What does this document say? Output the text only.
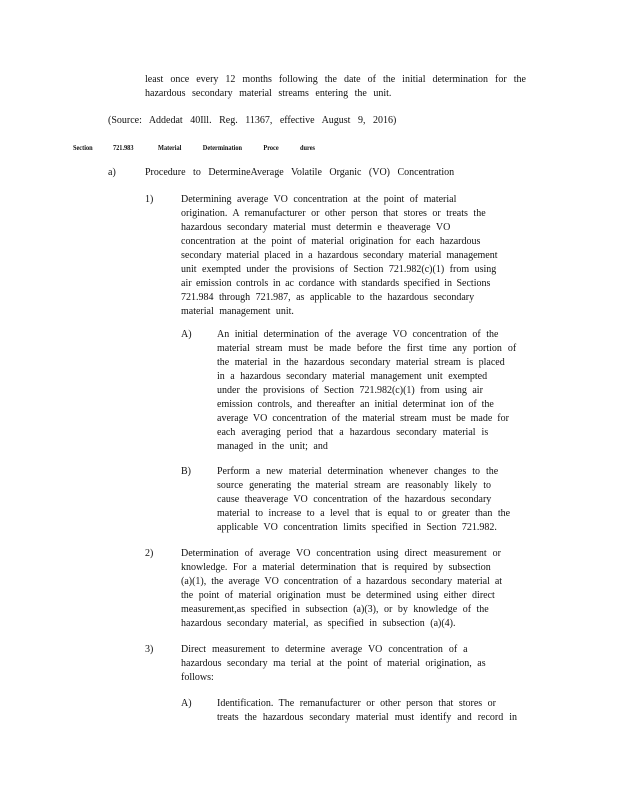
least once every 12 months following the date of the initial determination for the
hazardous secondary material streams entering the unit.
(Source: Addedat 40Ill. Reg. 11367, effective August 9, 2016)
Section	721.983	Material Determination Proce dures
a)	Procedure to DetermineAverage Volatile Organic (VO) Concentration
1)	Determining average VO concentration at the point of material
origination. A remanufacturer or other person that stores or treats the
hazardous secondary material must determin e theaverage VO
concentration at the point of material origination for each hazardous
secondary material placed in a hazardous secondary material management
unit exempted under the provisions of Section 721.982(c)(1) from using
air emission controls in ac cordance with standards specified in Sections
721.984 through 721.987, as applicable to the hazardous secondary
material management unit.
A)	An initial determination of the average VO concentration of the
material stream must be made before the first time any portion of
the material in the hazardous secondary material stream is placed
in a hazardous secondary material management unit exempted
under the provisions of Section 721.982(c)(1) from using air
emission controls, and thereafter an initial determinat ion of the
average VO concentration of the material stream must be made for
each averaging period that a hazardous secondary material is
managed in the unit; and
B)	Perform a new material determination whenever changes to the
source generating the material stream are reasonably likely to
cause theaverage VO concentration of the hazardous secondary
material to increase to a level that is equal to or greater than the
applicable VO concentration limits specified in Section 721.982.
2)	Determination of average VO concentration using direct measurement or
knowledge. For a material determination that is required by subsection
(a)(1), the average VO concentration of a hazardous secondary material at
the point of material origination must be determined using either direct
measurement,as specified in subsection (a)(3), or by knowledge of the
hazardous secondary material, as specified in subsection (a)(4).
3)	Direct measurement to determine average VO concentration of a
hazardous secondary ma terial at the point of material origination, as
follows:
A)	Identification. The remanufacturer or other person that stores or
treats the hazardous secondary material must identify and record in
